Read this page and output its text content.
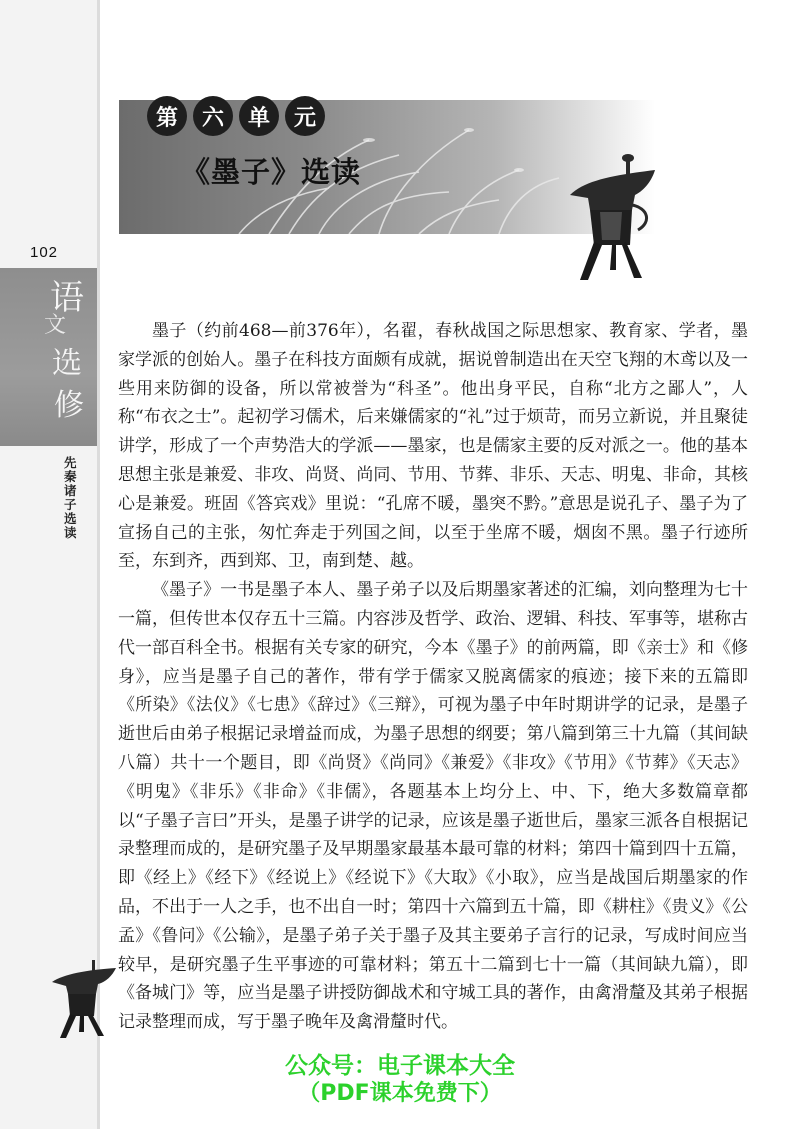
102
语
文
选
修
先秦诸子选读
第	六	单	元
《墨子》选读

墨子（约前468—前376年），名翟，春秋战国之际思想家、教育家、学者，墨家学派的创始人。墨子在科技方面颇有成就，据说曾制造出在天空飞翔的木鸢以及一些用来防御的设备，所以常被誉为“科圣”。他出身平民，自称“北方之鄙人”，人称“布衣之士”。起初学习儒术，后来嫌儒家的“礼”过于烦苛，而另立新说，并且聚徒讲学，形成了一个声势浩大的学派——墨家，也是儒家主要的反对派之一。他的基本思想主张是兼爱、非攻、尚贤、尚同、节用、节葬、非乐、天志、明鬼、非命，其核心是兼爱。班固《答宾戏》里说：“孔席不暖，墨突不黔。”意思是说孔子、墨子为了宣扬自己的主张，匆忙奔走于列国之间，以至于坐席不暖，烟囱不黑。墨子行迹所至，东到齐，西到郑、卫，南到楚、越。

《墨子》一书是墨子本人、墨子弟子以及后期墨家著述的汇编，刘向整理为七十一篇，但传世本仅存五十三篇。内容涉及哲学、政治、逻辑、科技、军事等，堪称古代一部百科全书。根据有关专家的研究，今本《墨子》的前两篇，即《亲士》和《修身》，应当是墨子自己的著作，带有学于儒家又脱离儒家的痕迹；接下来的五篇即《所染》《法仪》《七患》《辞过》《三辩》，可视为墨子中年时期讲学的记录，是墨子逝世后由弟子根据记录增益而成，为墨子思想的纲要；第八篇到第三十九篇（其间缺八篇）共十一个题目，即《尚贤》《尚同》《兼爱》《非攻》《节用》《节葬》《天志》《明鬼》《非乐》《非命》《非儒》，各题基本上均分上、中、下，绝大多数篇章都以“子墨子言曰”开头，是墨子讲学的记录，应该是墨子逝世后，墨家三派各自根据记录整理而成的，是研究墨子及早期墨家最基本最可靠的材料；第四十篇到四十五篇，即《经上》《经下》《经说上》《经说下》《大取》《小取》，应当是战国后期墨家的作品，不出于一人之手，也不出自一时；第四十六篇到五十篇，即《耕柱》《贵义》《公孟》《鲁问》《公输》，是墨子弟子关于墨子及其主要弟子言行的记录，写成时间应当较早，是研究墨子生平事迹的可靠材料；第五十二篇到七十一篇（其间缺九篇），即《备城门》等，应当是墨子讲授防御战术和守城工具的著作，由禽滑釐及其弟子根据记录整理而成，写于墨子晚年及禽滑釐时代。

公众号：电子课本大全
（PDF课本免费下）
